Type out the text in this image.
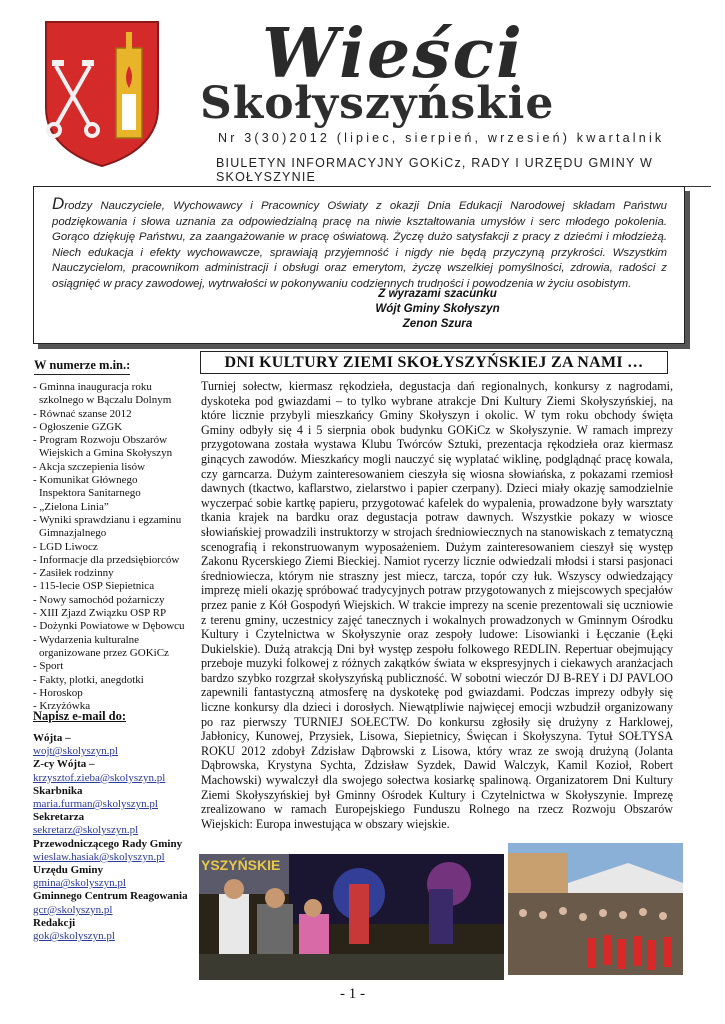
Wieści
Skołyszyńskie
Nr 3(30)2012 (lipiec, sierpień, wrzesień) kwartalnik
BIULETYN INFORMACYJNY GOKiCz, RADY I URZĘDU GMINY W SKOŁYSZYNIE
Drodzy Nauczyciele, Wychowawcy i Pracownicy Oświaty z okazji Dnia Edukacji Narodowej składam Państwu podziękowania i słowa uznania za odpowiedzialną pracę na niwie kształtowania umysłów i serc młodego pokolenia. Gorąco dziękuję Państwu, za zaangażowanie w pracę oświatową. Życzę dużo satysfakcji z pracy z dziećmi i młodzieżą. Niech edukacja i efekty wychowawcze, sprawiają przyjemność i nigdy nie będą przyczyną przykrości. Wszystkim Nauczycielom, pracownikom administracji i obsługi oraz emerytom, życzę wszelkiej pomyślności, zdrowia, radości z osiągnięć w pracy zawodowej, wytrwałości w pokonywaniu codziennych trudności i powodzenia w życiu osobistym.
Z wyrazami szacunku
Wójt Gminy Skołyszyn
Zenon Szura
W numerze m.in.:
- Gminna inauguracja roku
szkolnego w Bączalu Dolnym
- Równać szanse 2012
- Ogłoszenie GZGK
- Program Rozwoju Obszarów
Wiejskich a Gmina Skołyszyn
- Akcja szczepienia lisów
- Komunikat Głównego
Inspektora Sanitarnego
- „Zielona Linia”
- Wyniki sprawdzianu i egzaminu
Gimnazjalnego
- LGD Liwocz
- Informacje dla przedsiębiorców
- Zasiłek rodzinny
- 115-lecie OSP Siepietnica
- Nowy samochód pożarniczy
- XIII Zjazd Związku OSP RP
- Dożynki Powiatowe w Dębowcu
- Wydarzenia kulturalne
organizowane przez GOKiCz
- Sport
- Fakty, plotki, anegdotki
- Horoskop
- Krzyżówka
Napisz e-mail do:
Wójta –
wojt@skolyszyn.pl
Z-cy Wójta –
krzysztof.zieba@skolyszyn.pl
Skarbnika
maria.furman@skolyszyn.pl
Sekretarza
sekretarz@skolyszyn.pl
Przewodniczącego Rady Gminy
wieslaw.hasiak@skolyszyn.pl
Urzędu Gminy
gmina@skolyszyn.pl
Gminnego Centrum Reagowania
gcr@skolyszyn.pl
Redakcji
gok@skolyszyn.pl
DNI KULTURY ZIEMI SKOŁYSZYŃSKIEJ ZA NAMI …
Turniej sołectw, kiermasz rękodzieła, degustacja dań regionalnych, konkursy z nagrodami, dyskoteka pod gwiazdami – to tylko wybrane atrakcje Dni Kultury Ziemi Skołyszyńskiej, na które licznie przybyli mieszkańcy Gminy Skołyszyn i okolic. W tym roku obchody święta Gminy odbyły się 4 i 5 sierpnia obok budynku GOKiCz w Skołyszynie. W ramach imprezy przygotowana została wystawa Klubu Twórców Sztuki, prezentacja rękodzieła oraz kiermasz ginących zawodów. Mieszkańcy mogli nauczyć się wyplatać wiklinę, podglądnąć pracę kowala, czy garncarza. Dużym zainteresowaniem cieszyła się wiosna słowiańska, z pokazami rzemiosł dawnych (tkactwo, kaflarstwo, zielarstwo i papier czerpany). Dzieci miały okazję samodzielnie wyczerpać sobie kartkę papieru, przygotować kafelek do wypalenia, prowadzone były warsztaty tkania krajek na bardku oraz degustacja potraw dawnych. Wszystkie pokazy w wiosce słowiańskiej prowadzili instruktorzy w strojach średniowiecznych na stanowiskach z tematyczną scenografią i rekonstruowanym wyposażeniem. Dużym zainteresowaniem cieszył się występ Zakonu Rycerskiego Ziemi Bieckiej. Namiot rycerzy licznie odwiedzali młodsi i starsi pasjonaci średniowiecza, którym nie straszny jest miecz, tarcza, topór czy łuk. Wszyscy odwiedzający imprezę mieli okazję spróbować tradycyjnych potraw przygotowanych z miejscowych specjałów przez panie z Kół Gospodyń Wiejskich. W trakcie imprezy na scenie prezentowali się uczniowie z terenu gminy, uczestnicy zajęć tanecznych i wokalnych prowadzonych w Gminnym Ośrodku Kultury i Czytelnictwa w Skołyszynie oraz zespoły ludowe: Lisowianki i Łęczanie (Łęki Dukielskie). Dużą atrakcją Dni był występ zespołu folkowego REDLIN. Repertuar obejmujący przeboje muzyki folkowej z różnych zakątków świata w ekspresyjnych i ciekawych aranżacjach bardzo szybko rozgrzał skołyszyńską publiczność. W sobotni wieczór DJ B-REY i DJ PAVLOO zapewnili fantastyczną atmosferę na dyskotekę pod gwiazdami. Podczas imprezy odbyły się liczne konkursy dla dzieci i dorosłych. Niewątpliwie najwięcej emocji wzbudził organizowany po raz pierwszy TURNIEJ SOŁECTW. Do konkursu zgłosiły się drużyny z Harklowej, Jabłonicy, Kunowej, Przysiek, Lisowa, Siepietnicy, Święcan i Skołyszyna. Tytuł SOŁTYSA ROKU 2012 zdobył Zdzisław Dąbrowski z Lisowa, który wraz ze swoją drużyną (Jolanta Dąbrowska, Krystyna Sychta, Zdzisław Syzdek, Dawid Walczyk, Kamil Kozioł, Robert Machowski) wywalczył dla swojego sołectwa kosiarkę spalinową. Organizatorem Dni Kultury Ziemi Skołyszyńskiej był Gminny Ośrodek Kultury i Czytelnictwa w Skołyszynie. Imprezę zrealizowano w ramach Europejskiego Funduszu Rolnego na rzecz Rozwoju Obszarów Wiejskich: Europa inwestująca w obszary wiejskie.
YSZYŃSKIE
- 1 -
